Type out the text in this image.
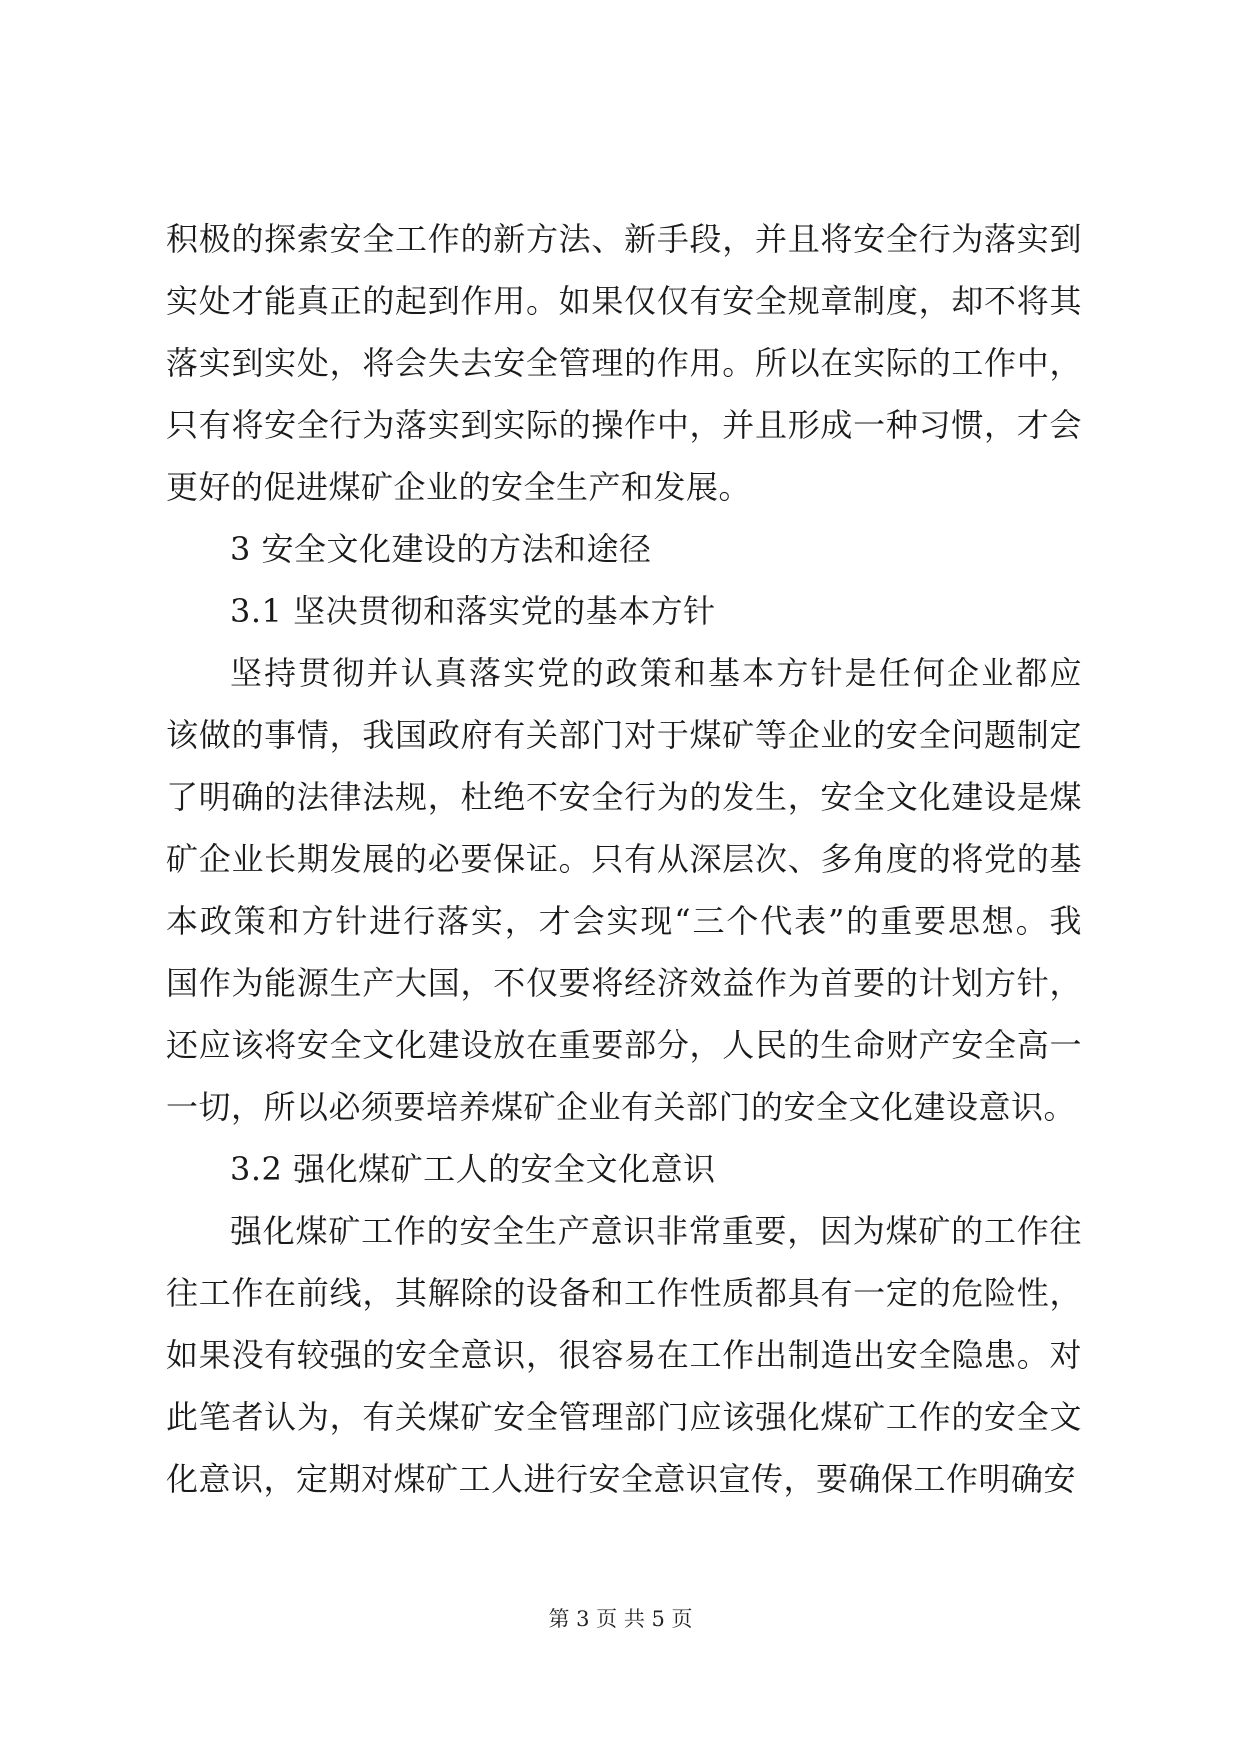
积极的探索安全工作的新方法、新手段，并且将安全行为落实到
实处才能真正的起到作用。如果仅仅有安全规章制度，却不将其
落实到实处，将会失去安全管理的作用。所以在实际的工作中，
只有将安全行为落实到实际的操作中，并且形成一种习惯，才会
更好的促进煤矿企业的安全生产和发展。
3 安全文化建设的方法和途径
3.1 坚决贯彻和落实党的基本方针
坚持贯彻并认真落实党的政策和基本方针是任何企业都应
该做的事情，我国政府有关部门对于煤矿等企业的安全问题制定
了明确的法律法规，杜绝不安全行为的发生，安全文化建设是煤
矿企业长期发展的必要保证。只有从深层次、多角度的将党的基
本政策和方针进行落实，才会实现“三个代表”的重要思想。我
国作为能源生产大国，不仅要将经济效益作为首要的计划方针，
还应该将安全文化建设放在重要部分，人民的生命财产安全高一
一切，所以必须要培养煤矿企业有关部门的安全文化建设意识。
3.2 强化煤矿工人的安全文化意识
强化煤矿工作的安全生产意识非常重要，因为煤矿的工作往
往工作在前线，其解除的设备和工作性质都具有一定的危险性，
如果没有较强的安全意识，很容易在工作出制造出安全隐患。对
此笔者认为，有关煤矿安全管理部门应该强化煤矿工作的安全文
化意识，定期对煤矿工人进行安全意识宣传，要确保工作明确安
第 3 页 共 5 页
